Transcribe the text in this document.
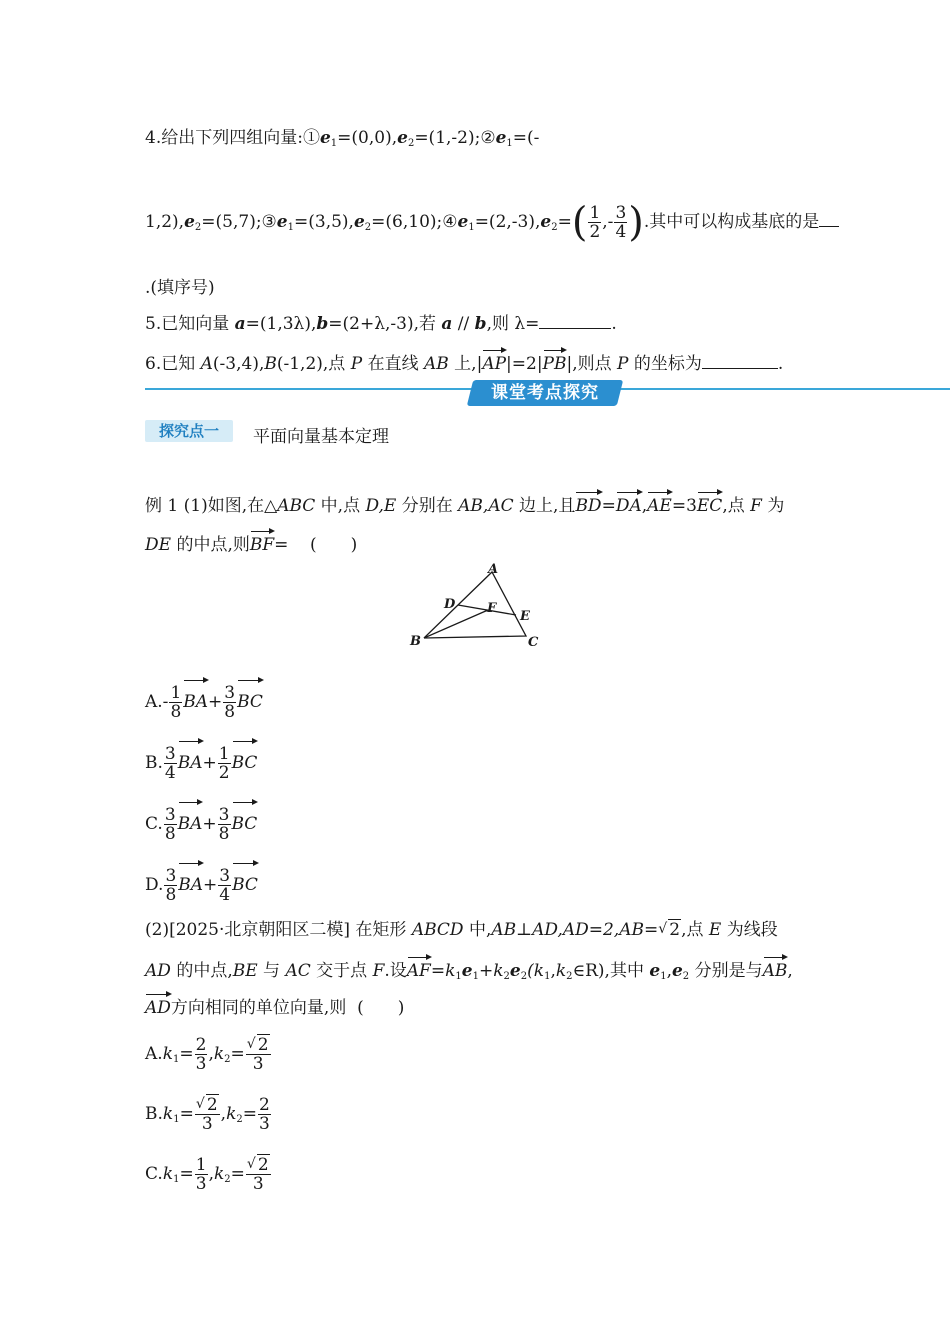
4.给出下列四组向量$:①e_1=(0,0),e_2=(1,-2);②e_1=(-$
$1,2),e_2=(5,7);③e_1=(3,5),e_2=(6,10);④e_1=(2,-3),e_2=( \frac{1}{2}$ ,- $\frac{3}{4}$ ).其中可以构成基底的是
.(填序号)
5.已知向量 a=(1,3λ),b=(2+λ,-3),若 a // b,则 λ=	.
6.已知 A(-3,4),B(-1,2),点 P 在直线 AB 上,|AP|=2|PB|,则点 P 的坐标为	.
课堂考点探究
探究点一	平面向量基本定理
例 1 (1)如图,在△ABC 中,点 D,E 分别在 AB,AC 边上,且BD=DA,AE=3EC,点 F 为
DE 的中点,则BF= (　　)
A
B	C
D
E
F
$A.- \frac{1}{8} BA+ \frac{3}{8}$ BC
B. $\frac{3}{4} BA+ \frac{1}{2}$ BC
C. $\frac{3}{8} BA+ \frac{3}{8}$ BC
D. $\frac{3}{8} BA+ \frac{3}{4}$ BC
(2)[2025·北京朝阳区二模] 在矩形 ABCD 中,AB⊥AD,AD=2,AB= √ 2,点 E 为线段
AD 的中点,BE 与 AC 交于点 F.设$AF=k_1e_1+k_2e_2(k_1,k_2\in R)$,其中 $e_1,e_2$ 分别是与AB,
AD方向相同的单位向量,则 (　　)
$A.k_1= \frac{2}{3} ,k_2= \frac{√ 2}{3}$
$B.k_1= \frac{√ 2}{3} ,k_2= \frac{2}{3}$
$C.k_1= \frac{1}{3} ,k_2= \frac{√ 2}{3}$
